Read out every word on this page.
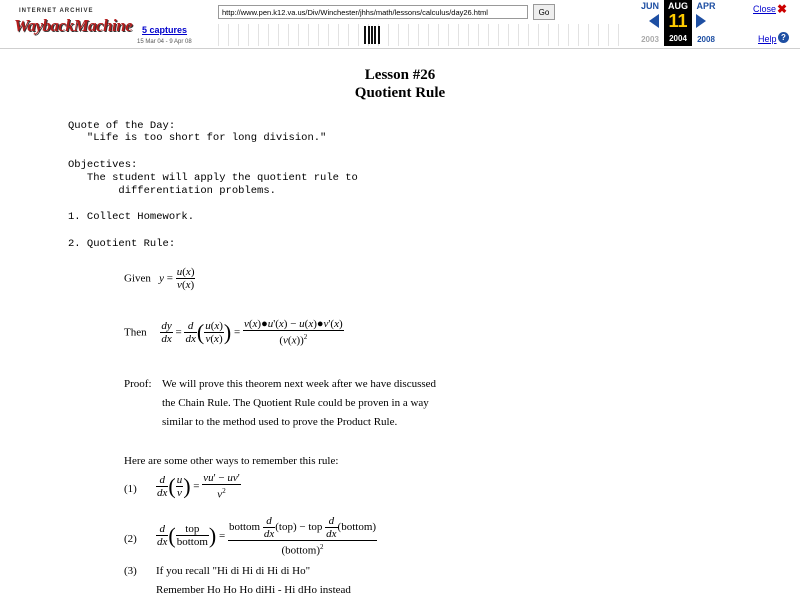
INTERNET ARCHIVE
WaybackMachine 5 captures
15 Mar 04 - 9 Apr 08
http://www.pen.k12.va.us/Div/Winchester/jhhs/math/lessons/calculus/day26.html	Go
JUN
2003
AUG
11
2004
APR
2008
Close ✖
Help ?
Lesson #26
Quotient Rule
Quote of the Day:
"Life is too short for long division."
Objectives:
The student will apply the quotient rule to
differentiation problems.
1. Collect Homework.
2. Quotient Rule:
Given $y = \frac{u(x)}{v(x)}$
Then $\frac{dy}{dx} = \frac{d}{dx}$ ( $\frac{u(x)}{v(x)}$ ) = $\frac{v(x)●u'(x) - u(x)●v'(x)}{(v(x))^2}$
Proof: We will prove this theorem next week after we have discussed
the Chain Rule. The Quotient Rule could be proven in a way
similar to the method used to prove the Product Rule.
Here are some other ways to remember this rule:
$(1) \frac{d}{dx}$ ( $\frac{u}{v}$ ) = $\frac{vu' - uv'}{v^2}$
$(2) \frac{d}{dx}$ ( $\frac{\text{top}}{\text{bottom}}$ ) = $\frac{bottom \frac{d}{dx} (top) - top \frac{d}{dx} (bottom)}{(bottom)^2}$
(3) If you recall "Hi di Hi di Hi di Ho"
Remember Ho Ho Ho diHi - Hi dHo instead
